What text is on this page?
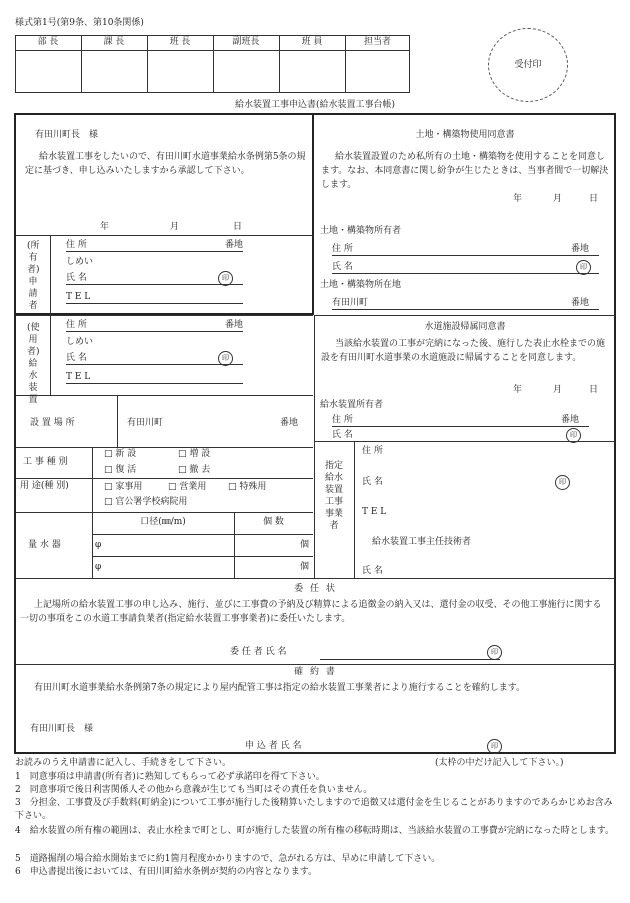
様式第1号(第9条、第10条関係)
部 長	課 長	班 長	副班長	班 員	担当者
受付印
給水装置工事申込書(給水装置工事台帳)
有田川町長　様
給水装置工事をしたいので、有田川町水道事業給水条例第5条の規定に基づき、申し込みいたしますから承認して下さい。
年	月	日
(所有者)申請者
住 所	番地
しめい
氏 名	印
T E L
(使用者)給水装置
住 所	番地
しめい
氏 名	印
T E L
土地・構築物使用同意書
給水装置設置のため私所有の土地・構築物を使用することを同意します。なお、本同意書に関し紛争が生じたときは、当事者間で一切解決します。
年	月	日
土地・構築物所有者
住 所	番地
氏 名	印
土地・構築物所在地
有田川町	番地
水道施設帰属同意書
当該給水装置の工事が完納になった後、施行した表止水栓までの施設を有田川町水道事業の水道施設に帰属することを同意します。
年	月	日
給水装置所有者
住 所	番地
氏 名	印
設 置 場 所	有田川町	番地
工 事 種 別
□ 新 設	□ 増 設
□ 復 活	□ 撤 去
用 途(種 別)	□ 家事用	□ 営業用 □ 特殊用
□ 官公署学校病院用
量 水 器
口径(㎜/m)	個 数
φ	個
φ	個
指定給水装置工事事業者
住 所
氏 名	印
T E L
給水装置工事主任技術者
氏 名
委 任 状
上記場所の給水装置工事の申し込み、施行、並びに工事費の予納及び精算による追徴金の納入又は、還付金の収受、その他工事施行に関する一切の事項をこの水道工事請負業者(指定給水装置工事事業者)に委任いたします。
委 任 者 氏 名	印
確 約 書
有田川町水道事業給水条例第7条の規定により屋内配管工事は指定の給水装置工事業者により施行することを確約します。
有田川町長　様
申 込 者 氏 名	印
お読みのうえ申請書に記入し、手続きをして下さい。	(太枠の中だけ記入して下さい。)
1　同意事項は申請書(所有者)に熟知してもらって必ず承諾印を得て下さい。
2　同意事項で後日利害関係人その他から意義が生じても当町はその責任を負いません。
3　分担金、工事費及び手数料(町納金)について工事が施行した後精算いたしますので追徴又は還付金を生じることがありますのであらかじめお含み下さい。
4　給水装置の所有権の範囲は、表止水栓まで町とし、町が施行した装置の所有権の移転時期は、当該給水装置の工事費が完納になった時とします。
5　道路掘削の場合給水開始までに約1箇月程度かかりますので、急がれる方は、早めに申請して下さい。
6　申込書提出後においては、有田川町給水条例が契約の内容となります。
